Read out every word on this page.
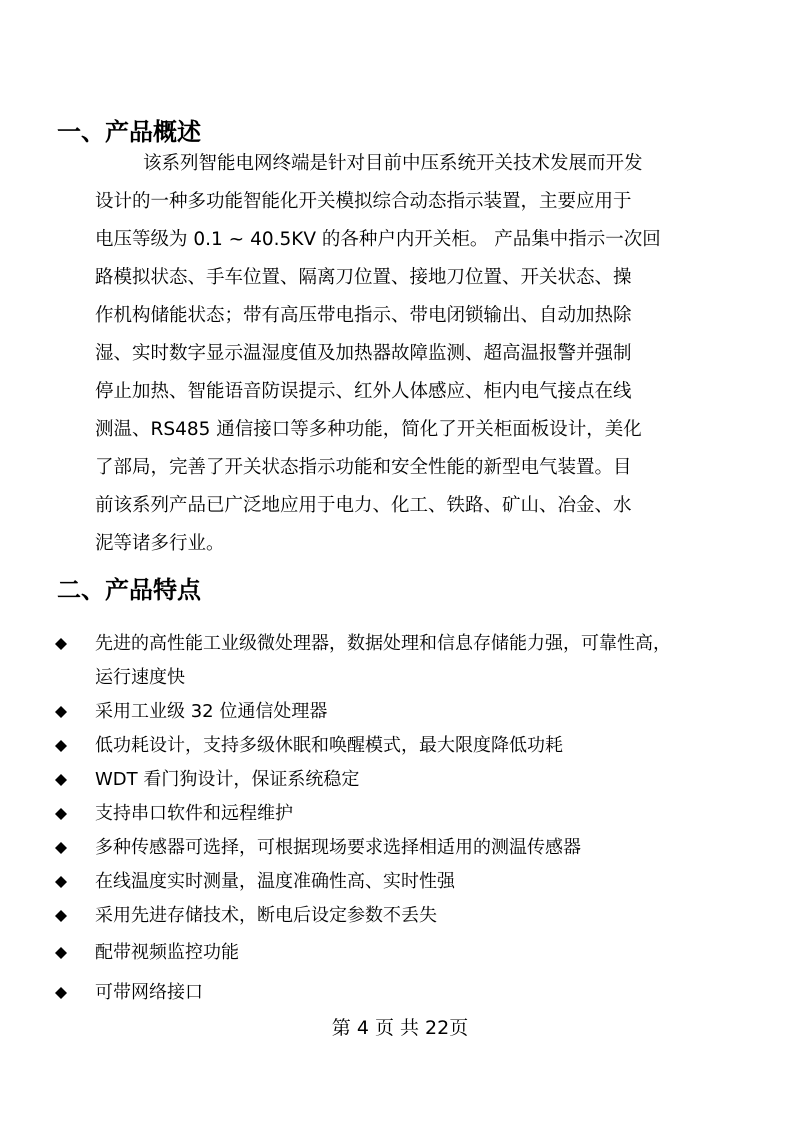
一、产品概述
该系列智能电网终端是针对目前中压系统开关技术发展而开发
设计的一种多功能智能化开关模拟综合动态指示装置，主要应用于
电压等级为 0.1 ~ 40.5KV 的各种户内开关柜。 产品集中指示一次回
路模拟状态、手车位置、隔离刀位置、接地刀位置、开关状态、操
作机构储能状态；带有高压带电指示、带电闭锁输出、自动加热除
湿、实时数字显示温湿度值及加热器故障监测、超高温报警并强制
停止加热、智能语音防误提示、红外人体感应、柜内电气接点在线
测温、RS485 通信接口等多种功能，简化了开关柜面板设计，美化
了部局，完善了开关状态指示功能和安全性能的新型电气装置。目
前该系列产品已广泛地应用于电力、化工、铁路、矿山、冶金、水
泥等诸多行业。
二、产品特点
先进的高性能工业级微处理器，数据处理和信息存储能力强，可靠性高，
运行速度快
采用工业级 32 位通信处理器
低功耗设计，支持多级休眠和唤醒模式，最大限度降低功耗
WDT 看门狗设计，保证系统稳定
支持串口软件和远程维护
多种传感器可选择，可根据现场要求选择相适用的测温传感器
在线温度实时测量，温度准确性高、实时性强
采用先进存储技术，断电后设定参数不丢失
配带视频监控功能
可带网络接口
第 4 页 共 22页
